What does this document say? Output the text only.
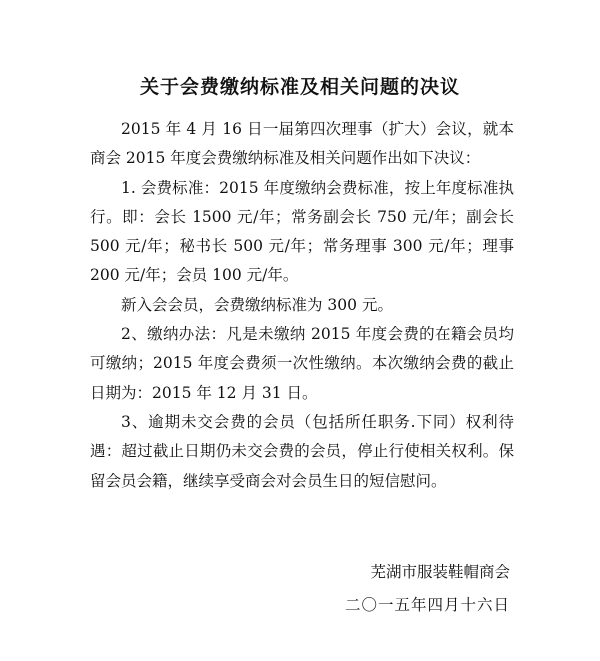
关于会费缴纳标准及相关问题的决议

2015 年 4 月 16 日一届第四次理事（扩大）会议，就本商会 2015 年度会费缴纳标准及相关问题作出如下决议：

1. 会费标准：2015 年度缴纳会费标准，按上年度标准执行。即：会长 1500 元/年；常务副会长 750 元/年；副会长 500 元/年；秘书长 500 元/年；常务理事 300 元/年；理事 200 元/年；会员 100 元/年。

新入会会员，会费缴纳标准为 300 元。

2、缴纳办法：凡是未缴纳 2015 年度会费的在籍会员均可缴纳；2015 年度会费须一次性缴纳。本次缴纳会费的截止日期为：2015 年 12 月 31 日。

3、逾期未交会费的会员（包括所任职务.下同）权利待遇：超过截止日期仍未交会费的会员，停止行使相关权利。保留会员会籍，继续享受商会对会员生日的短信慰问。

芜湖市服装鞋帽商会
二〇一五年四月十六日
